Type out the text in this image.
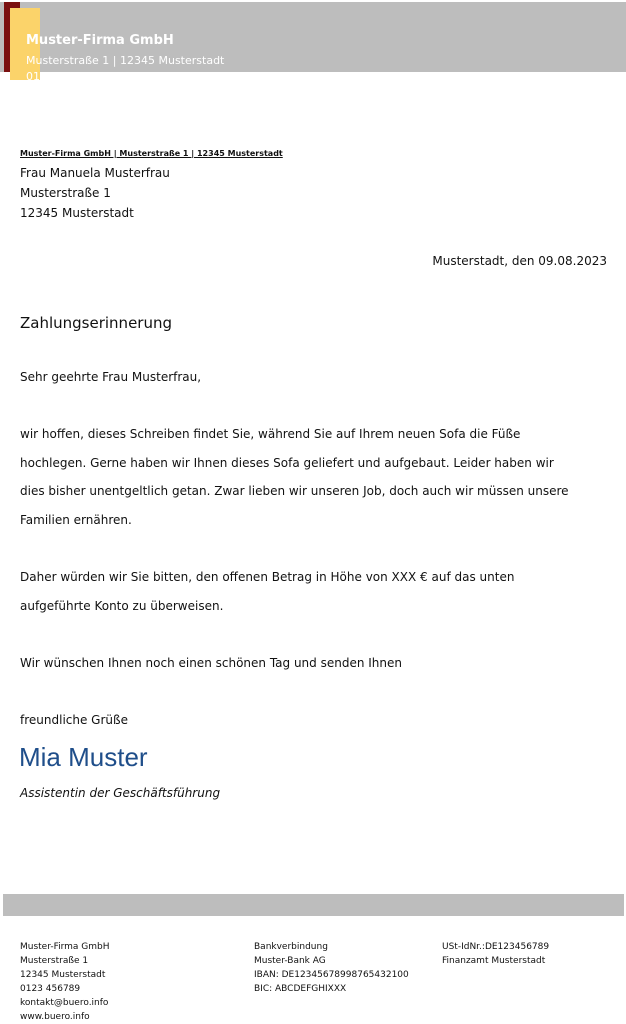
Muster-Firma GmbH
Musterstraße 1 | 12345 Musterstadt
0123 456789 | kontakt@buero.info
Muster-Firma GmbH | Musterstraße 1 | 12345 Musterstadt
Frau Manuela Musterfrau
Musterstraße 1
12345 Musterstadt
Musterstadt, den 09.08.2023
Zahlungserinnerung
Sehr geehrte Frau Musterfrau,
wir hoffen, dieses Schreiben findet Sie, während Sie auf Ihrem neuen Sofa die Füße
hochlegen. Gerne haben wir Ihnen dieses Sofa geliefert und aufgebaut. Leider haben wir
dies bisher unentgeltlich getan. Zwar lieben wir unseren Job, doch auch wir müssen unsere
Familien ernähren.
Daher würden wir Sie bitten, den offenen Betrag in Höhe von XXX € auf das unten
aufgeführte Konto zu überweisen.
Wir wünschen Ihnen noch einen schönen Tag und senden Ihnen
freundliche Grüße
Mia Muster
Assistentin der Geschäftsführung
Muster-Firma GmbH
Musterstraße 1
12345 Musterstadt
0123 456789
kontakt@buero.info
www.buero.info
Bankverbindung
Muster-Bank AG
IBAN: DE12345678998765432100
BIC: ABCDEFGHIXXX
USt-IdNr.:DE123456789
Finanzamt Musterstadt
